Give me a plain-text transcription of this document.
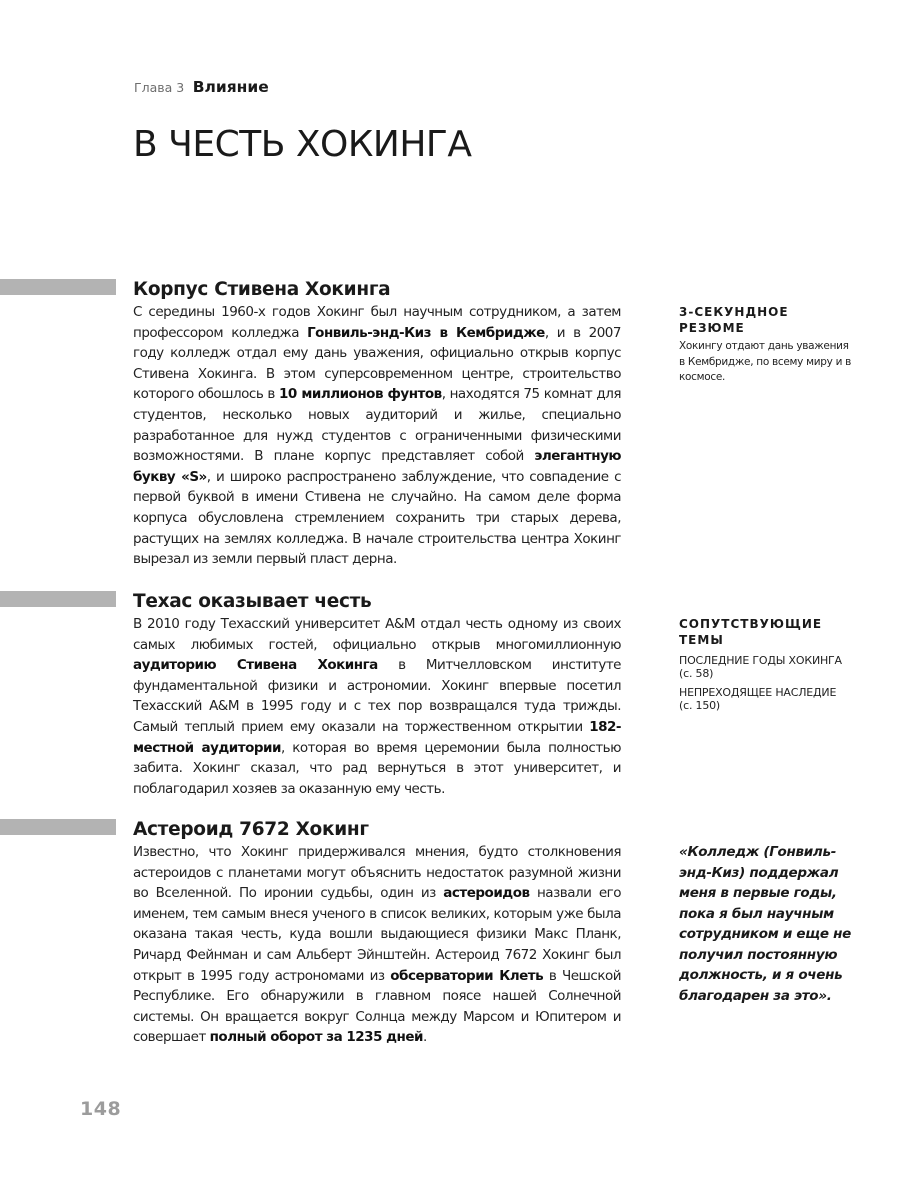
Глава 3 Влияние
В ЧЕСТЬ ХОКИНГА
Корпус Стивена Хокинга

С середины 1960-х годов Хокинг был научным сотрудником, а затем профессором колледжа Гонвиль-энд-Киз в Кембридже, и в 2007 году колледж отдал ему дань уважения, официально открыв корпус Стивена Хокинга. В этом суперсовременном центре, строительство которого обошлось в 10 миллионов фунтов, находятся 75 комнат для студентов, несколько новых аудиторий и жилье, специально разработанное для нужд студентов с ограниченными физическими возможностями. В плане корпус представляет собой элегантную букву «S», и широко распространено заблуждение, что совпадение с первой буквой в имени Стивена не случайно. На самом деле форма корпуса обусловлена стремлением сохранить три старых дерева, растущих на землях колледжа. В начале строительства центра Хокинг вырезал из земли первый пласт дерна.

Техас оказывает честь

В 2010 году Техасский университет A&M отдал честь одному из своих самых любимых гостей, официально открыв многомиллионную аудиторию Стивена Хокинга в Митчелловском институте фундаментальной физики и астрономии. Хокинг впервые посетил Техасский A&M в 1995 году и с тех пор возвращался туда трижды. Самый теплый прием ему оказали на торжественном открытии 182-местной аудитории, которая во время церемонии была полностью забита. Хокинг сказал, что рад вернуться в этот университет, и поблагодарил хозяев за оказанную ему честь.

Астероид 7672 Хокинг

Известно, что Хокинг придерживался мнения, будто столкновения астероидов с планетами могут объяснить недостаток разумной жизни во Вселенной. По иронии судьбы, один из астероидов назвали его именем, тем самым внеся ученого в список великих, которым уже была оказана такая честь, куда вошли выдающиеся физики Макс Планк, Ричард Фейнман и сам Альберт Эйнштейн. Астероид 7672 Хокинг был открыт в 1995 году астрономами из обсерватории Клеть в Чешской Республике. Его обнаружили в главном поясе нашей Солнечной системы. Он вращается вокруг Солнца между Марсом и Юпитером и совершает полный оборот за 1235 дней.

3-СЕКУНДНОЕ РЕЗЮМЕ
Хокингу отдают дань уважения в Кембридже, по всему миру и в космосе.
СОПУТСТВУЮЩИЕ ТЕМЫ
ПОСЛЕДНИЕ ГОДЫ ХОКИНГА
(с. 58)
НЕПРЕХОДЯЩЕЕ НАСЛЕДИЕ
(с. 150)

«Колледж (Гонвиль-энд-Киз) поддержал меня в первые годы, пока я был научным сотрудником и еще не получил постоянную должность, и я очень благодарен за это».

148
